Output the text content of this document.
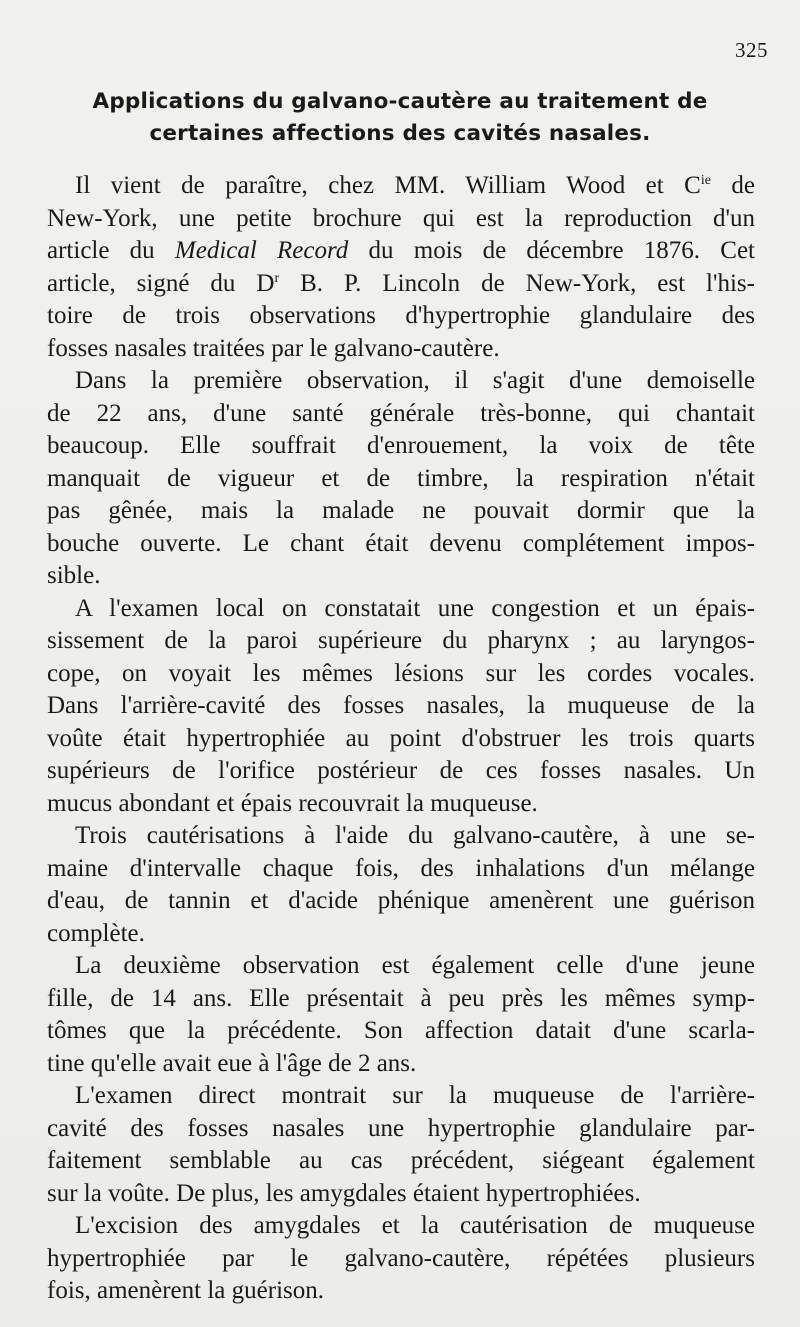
325
Applications du galvano-cautère au traitement de
certaines affections des cavités nasales.
Il vient de paraître, chez MM. William Wood et $C^{ie}$ de
New-York, une petite brochure qui est la reproduction d'un
article du Medical Record du mois de décembre 1876. Cet
article, signé du $D^r$ B. P. Lincoln de New-York, est l'his-
toire de trois observations d'hypertrophie glandulaire des
fosses nasales traitées par le galvano-cautère.
Dans la première observation, il s'agit d'une demoiselle
de 22 ans, d'une santé générale très-bonne, qui chantait
beaucoup. Elle souffrait d'enrouement, la voix de tête
manquait de vigueur et de timbre, la respiration n'était
pas gênée, mais la malade ne pouvait dormir que la
bouche ouverte. Le chant était devenu complétement impos-
sible.
A l'examen local on constatait une congestion et un épais-
sissement de la paroi supérieure du pharynx ; au laryngos-
cope, on voyait les mêmes lésions sur les cordes vocales.
Dans l'arrière-cavité des fosses nasales, la muqueuse de la
voûte était hypertrophiée au point d'obstruer les trois quarts
supérieurs de l'orifice postérieur de ces fosses nasales. Un
mucus abondant et épais recouvrait la muqueuse.
Trois cautérisations à l'aide du galvano-cautère, à une se-
maine d'intervalle chaque fois, des inhalations d'un mélange
d'eau, de tannin et d'acide phénique amenèrent une guérison
complète.
La deuxième observation est également celle d'une jeune
fille, de 14 ans. Elle présentait à peu près les mêmes symp-
tômes que la précédente. Son affection datait d'une scarla-
tine qu'elle avait eue à l'âge de 2 ans.
L'examen direct montrait sur la muqueuse de l'arrière-
cavité des fosses nasales une hypertrophie glandulaire par-
faitement semblable au cas précédent, siégeant également
sur la voûte. De plus, les amygdales étaient hypertrophiées.
L'excision des amygdales et la cautérisation de muqueuse
hypertrophiée par le galvano-cautère, répétées plusieurs
fois, amenèrent la guérison.
